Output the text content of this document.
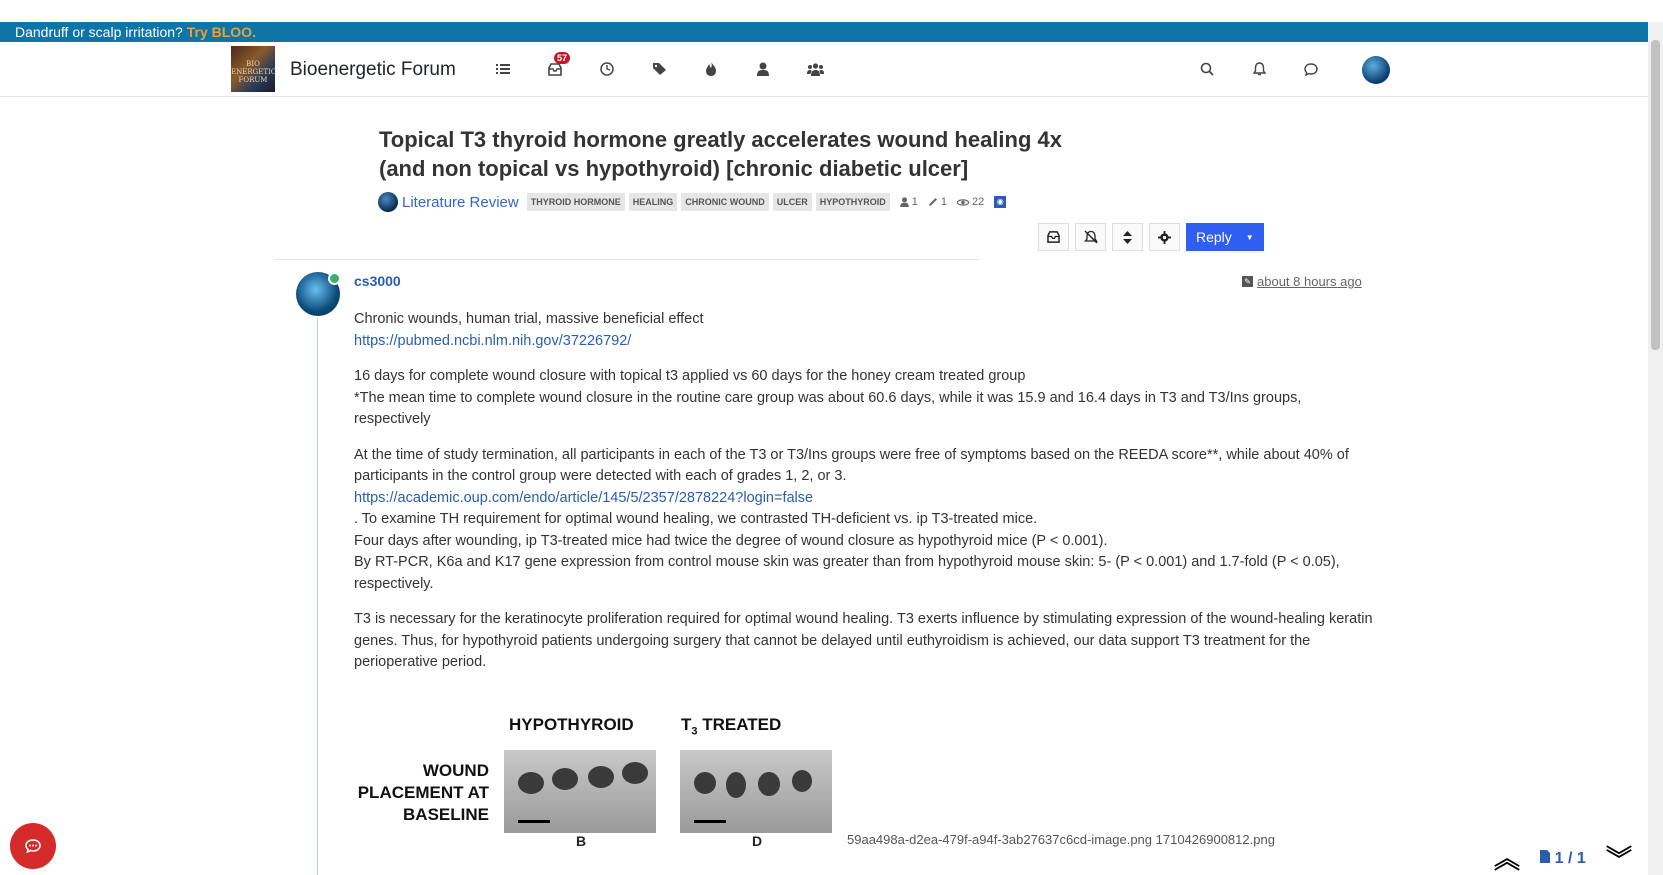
Dandruff or scalp irritation? Try BLOO.
BIO ENERGETIC FORUM	Bioenergetic Forum
57
Topical T3 thyroid hormone greatly accelerates wound healing 4x (and non topical vs hypothyroid) [chronic diabetic ulcer]
Literature Review	THYROID HORMONE	HEALING	CHRONIC WOUND	ULCER	HYPOTHYROID	1 1 22	◉
Reply ▼
cs3000	✎ about 8 hours ago

Chronic wounds, human trial, massive beneficial effect
https://pubmed.ncbi.nlm.nih.gov/37226792/

16 days for complete wound closure with topical t3 applied vs 60 days for the honey cream treated group
*The mean time to complete wound closure in the routine care group was about 60.6 days, while it was 15.9 and 16.4 days in T3 and T3/Ins groups, respectively

At the time of study termination, all participants in each of the T3 or T3/Ins groups were free of symptoms based on the REEDA score**, while about 40% of participants in the control group were detected with each of grades 1, 2, or 3.
https://academic.oup.com/endo/article/145/5/2357/2878224?login=false
. To examine TH requirement for optimal wound healing, we contrasted TH-deficient vs. ip T3-treated mice.
Four days after wounding, ip T3-treated mice had twice the degree of wound closure as hypothyroid mice (P < 0.001).
By RT-PCR, K6a and K17 gene expression from control mouse skin was greater than from hypothyroid mouse skin: 5- (P < 0.001) and 1.7-fold (P < 0.05), respectively.

T3 is necessary for the keratinocyte proliferation required for optimal wound healing. T3 exerts influence by stimulating expression of the wound-healing keratin genes. Thus, for hypothyroid patients undergoing surgery that cannot be delayed until euthyroidism is achieved, our data support T3 treatment for the perioperative period.

HYPOTHYROID	$T_3$ TREATED
WOUND PLACEMENT AT BASELINE
B	D	59aa498a-d2ea-479f-a94f-3ab27637c6cd-image.png 1710426900812.png
︽	1 / 1 ︾
